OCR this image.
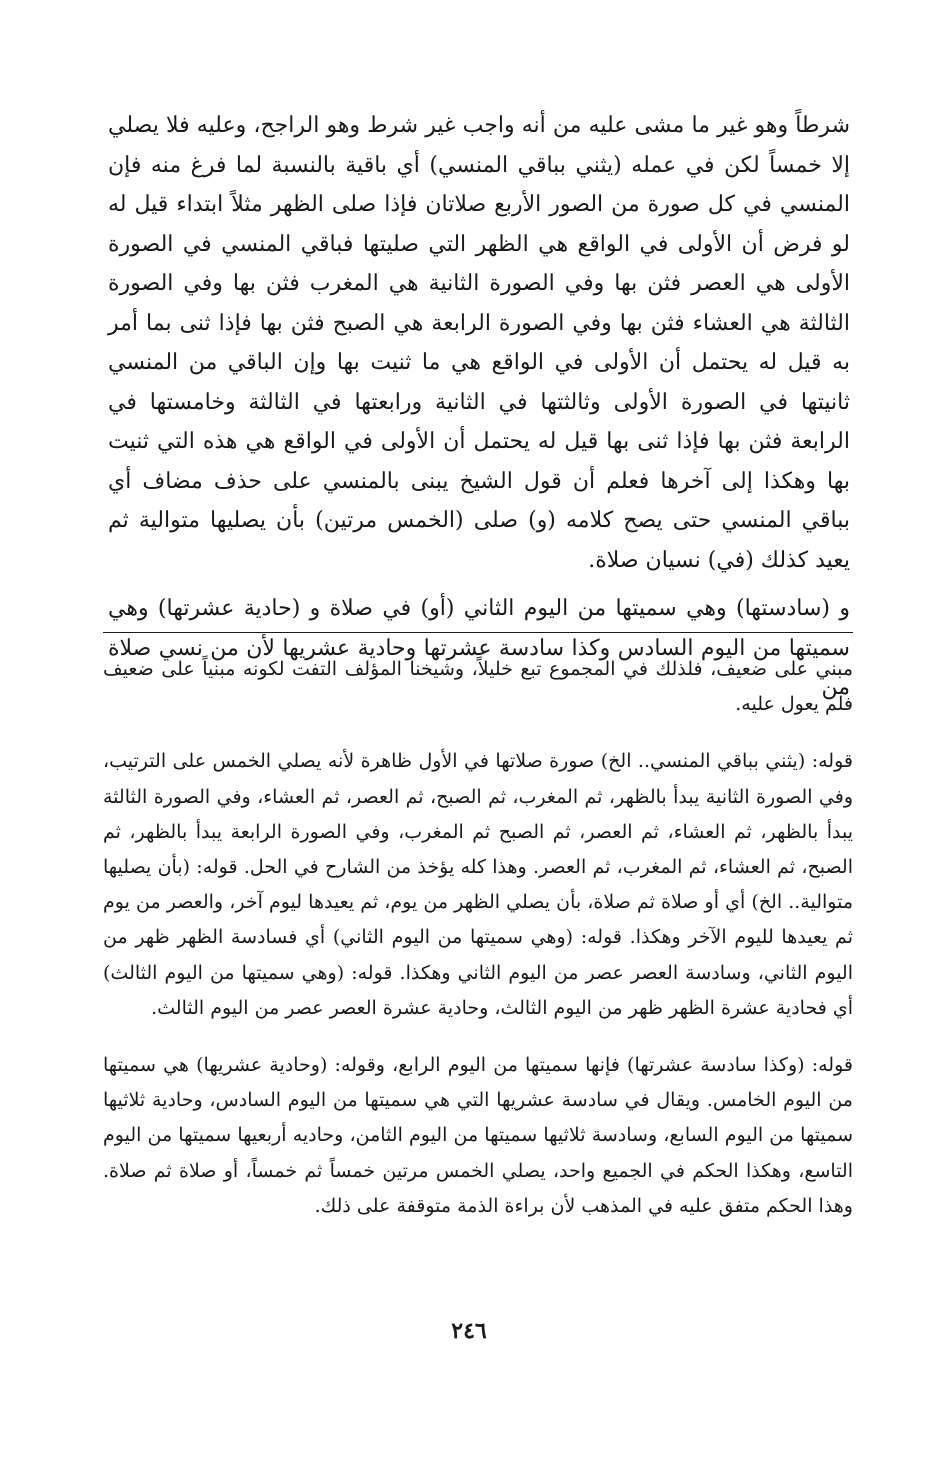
شرطاً وهو غير ما مشى عليه من أنه واجب غير شرط وهو الراجح، وعليه فلا يصلي إلا خمساً لكن في عمله (يثني بباقي المنسي) أي باقية بالنسبة لما فرغ منه فإن المنسي في كل صورة من الصور الأربع صلاتان فإذا صلى الظهر مثلاً ابتداء قيل له لو فرض أن الأولى في الواقع هي الظهر التي صليتها فباقي المنسي في الصورة الأولى هي العصر فثن بها وفي الصورة الثانية هي المغرب فثن بها وفي الصورة الثالثة هي العشاء فثن بها وفي الصورة الرابعة هي الصبح فثن بها فإذا ثنى بما أمر به قيل له يحتمل أن الأولى في الواقع هي ما ثنيت بها وإن الباقي من المنسي ثانيتها في الصورة الأولى وثالثتها في الثانية ورابعتها في الثالثة وخامستها في الرابعة فثن بها فإذا ثنى بها قيل له يحتمل أن الأولى في الواقع هي هذه التي ثنيت بها وهكذا إلى آخرها فعلم أن قول الشيخ يبنى بالمنسي على حذف مضاف أي بباقي المنسي حتى يصح كلامه (و) صلى (الخمس مرتين) بأن يصليها متوالية ثم يعيد كذلك (في) نسيان صلاة.

و (سادستها) وهي سميتها من اليوم الثاني (أو) في صلاة و (حادية عشرتها) وهي سميتها من اليوم السادس وكذا سادسة عشرتها وحادية عشريها لأن من نسي صلاة من

مبني على ضعيف، فلذلك في المجموع تبع خليلاً، وشيخنا المؤلف التفت لكونه مبنياً على ضعيف فلم يعول عليه.

قوله: (يثني بباقي المنسي.. الخ) صورة صلاتها في الأول ظاهرة لأنه يصلي الخمس على الترتيب، وفي الصورة الثانية يبدأ بالظهر، ثم المغرب، ثم الصبح، ثم العصر، ثم العشاء، وفي الصورة الثالثة يبدأ بالظهر، ثم العشاء، ثم العصر، ثم الصبح ثم المغرب، وفي الصورة الرابعة يبدأ بالظهر، ثم الصبح، ثم العشاء، ثم المغرب، ثم العصر. وهذا كله يؤخذ من الشارح في الحل. قوله: (بأن يصليها متوالية.. الخ) أي أو صلاة ثم صلاة، بأن يصلي الظهر من يوم، ثم يعيدها ليوم آخر، والعصر من يوم ثم يعيدها لليوم الآخر وهكذا. قوله: (وهي سميتها من اليوم الثاني) أي فسادسة الظهر ظهر من اليوم الثاني، وسادسة العصر عصر من اليوم الثاني وهكذا. قوله: (وهي سميتها من اليوم الثالث) أي فحادية عشرة الظهر ظهر من اليوم الثالث، وحادية عشرة العصر عصر من اليوم الثالث.

قوله: (وكذا سادسة عشرتها) فإنها سميتها من اليوم الرابع، وقوله: (وحادية عشريها) هي سميتها من اليوم الخامس. ويقال في سادسة عشريها التي هي سميتها من اليوم السادس، وحادية ثلاثيها سميتها من اليوم السابع، وسادسة ثلاثيها سميتها من اليوم الثامن، وحاديه أربعيها سميتها من اليوم التاسع، وهكذا الحكم في الجميع واحد، يصلي الخمس مرتين خمساً ثم خمساً، أو صلاة ثم صلاة. وهذا الحكم متفق عليه في المذهب لأن براءة الذمة متوقفة على ذلك.

٢٤٦
